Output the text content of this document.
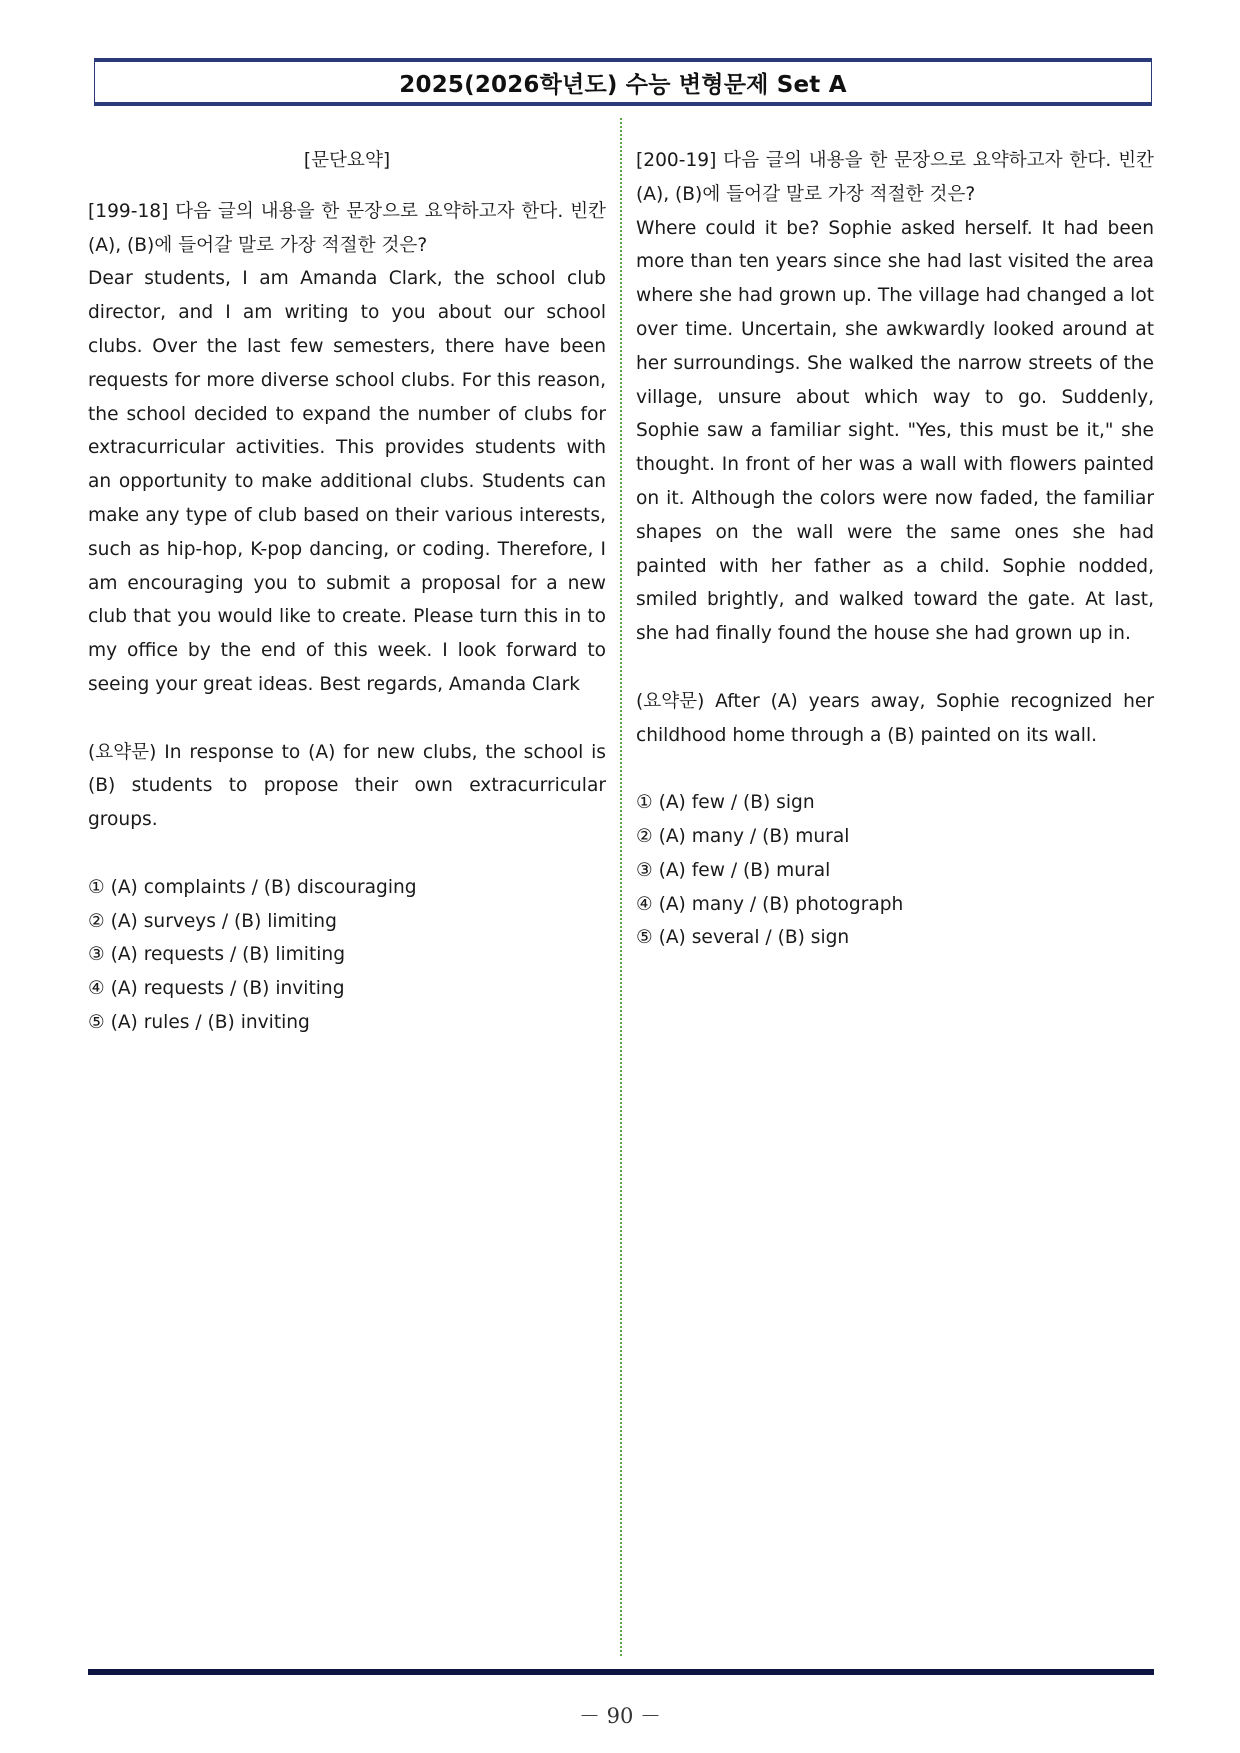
2025(2026학년도) 수능 변형문제 Set A

[문단요약]

[199-18] 다음 글의 내용을 한 문장으로 요약하고자 한다. 빈칸 (A), (B)에 들어갈 말로 가장 적절한 것은?

Dear students, I am Amanda Clark, the school club director, and I am writing to you about our school clubs. Over the last few semesters, there have been requests for more diverse school clubs. For this reason, the school decided to expand the number of clubs for extracurricular activities. This provides students with an opportunity to make additional clubs. Students can make any type of club based on their various interests, such as hip-hop, K-pop dancing, or coding. Therefore, I am encouraging you to submit a proposal for a new club that you would like to create. Please turn this in to my office by the end of this week. I look forward to seeing your great ideas. Best regards, Amanda Clark

(요약문) In response to (A) for new clubs, the school is (B) students to propose their own extracurricular groups.

① (A) complaints / (B) discouraging
② (A) surveys / (B) limiting
③ (A) requests / (B) limiting
④ (A) requests / (B) inviting
⑤ (A) rules / (B) inviting

[200-19] 다음 글의 내용을 한 문장으로 요약하고자 한다. 빈칸 (A), (B)에 들어갈 말로 가장 적절한 것은?

Where could it be? Sophie asked herself. It had been more than ten years since she had last visited the area where she had grown up. The village had changed a lot over time. Uncertain, she awkwardly looked around at her surroundings. She walked the narrow streets of the village, unsure about which way to go. Suddenly, Sophie saw a familiar sight. "Yes, this must be it," she thought. In front of her was a wall with flowers painted on it. Although the colors were now faded, the familiar shapes on the wall were the same ones she had painted with her father as a child. Sophie nodded, smiled brightly, and walked toward the gate. At last, she had finally found the house she had grown up in.

(요약문) After (A) years away, Sophie recognized her childhood home through a (B) painted on its wall.

① (A) few / (B) sign
② (A) many / (B) mural
③ (A) few / (B) mural
④ (A) many / (B) photograph
⑤ (A) several / (B) sign
－ 90 －
